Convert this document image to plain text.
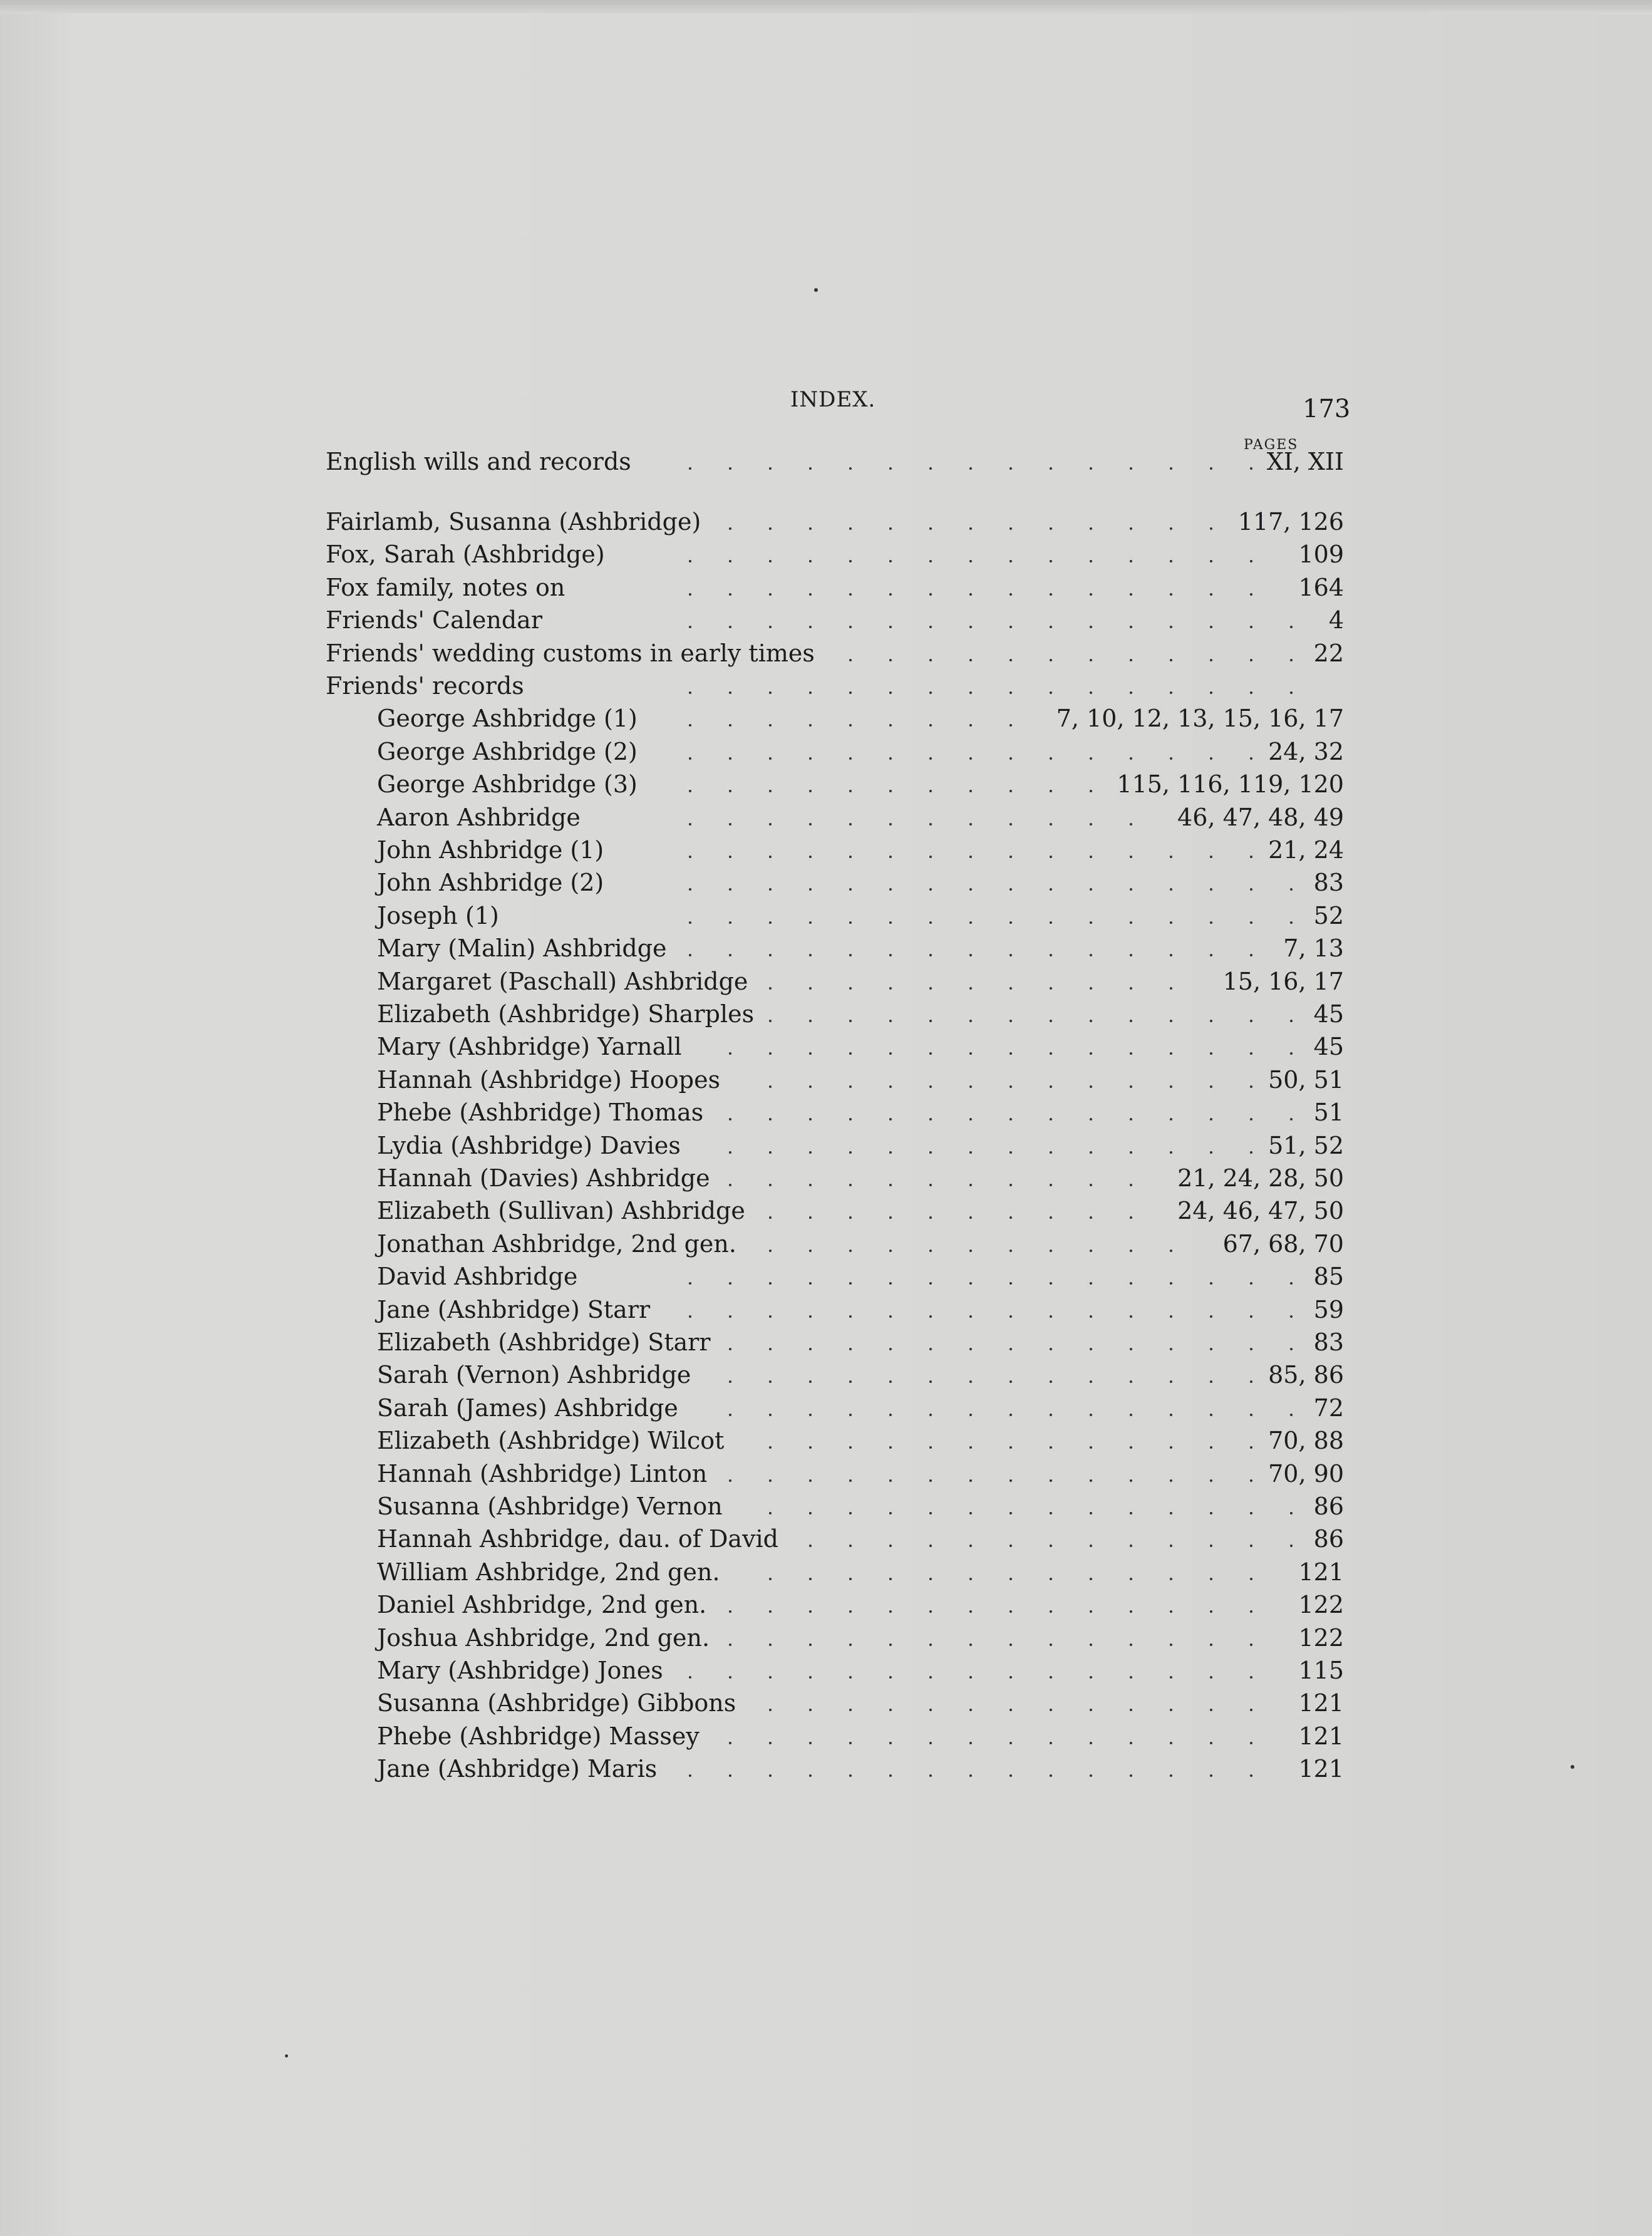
INDEX.	173
PAGES
English wills and records	XI, XII
Fairlamb, Susanna (Ashbridge)	117, 126
Fox, Sarah (Ashbridge)	109
Fox family, notes on	164
Friends' Calendar	4
Friends' wedding customs in early times	22
Friends' records
George Ashbridge (1)	7, 10, 12, 13, 15, 16, 17
George Ashbridge (2)	24, 32
George Ashbridge (3)	115, 116, 119, 120
Aaron Ashbridge	46, 47, 48, 49
John Ashbridge (1)	21, 24
John Ashbridge (2)	83
Joseph (1)	52
Mary (Malin) Ashbridge	7, 13
Margaret (Paschall) Ashbridge	15, 16, 17
Elizabeth (Ashbridge) Sharples	45
Mary (Ashbridge) Yarnall	45
Hannah (Ashbridge) Hoopes	50, 51
Phebe (Ashbridge) Thomas	51
Lydia (Ashbridge) Davies	51, 52
Hannah (Davies) Ashbridge	21, 24, 28, 50
Elizabeth (Sullivan) Ashbridge	24, 46, 47, 50
Jonathan Ashbridge, 2nd gen.	67, 68, 70
David Ashbridge	85
Jane (Ashbridge) Starr	59
Elizabeth (Ashbridge) Starr	83
Sarah (Vernon) Ashbridge	85, 86
Sarah (James) Ashbridge	72
Elizabeth (Ashbridge) Wilcot	70, 88
Hannah (Ashbridge) Linton	70, 90
Susanna (Ashbridge) Vernon	86
Hannah Ashbridge, dau. of David	86
William Ashbridge, 2nd gen.	121
Daniel Ashbridge, 2nd gen.	122
Joshua Ashbridge, 2nd gen.	122
Mary (Ashbridge) Jones	115
Susanna (Ashbridge) Gibbons	121
Phebe (Ashbridge) Massey	121
Jane (Ashbridge) Maris	121
